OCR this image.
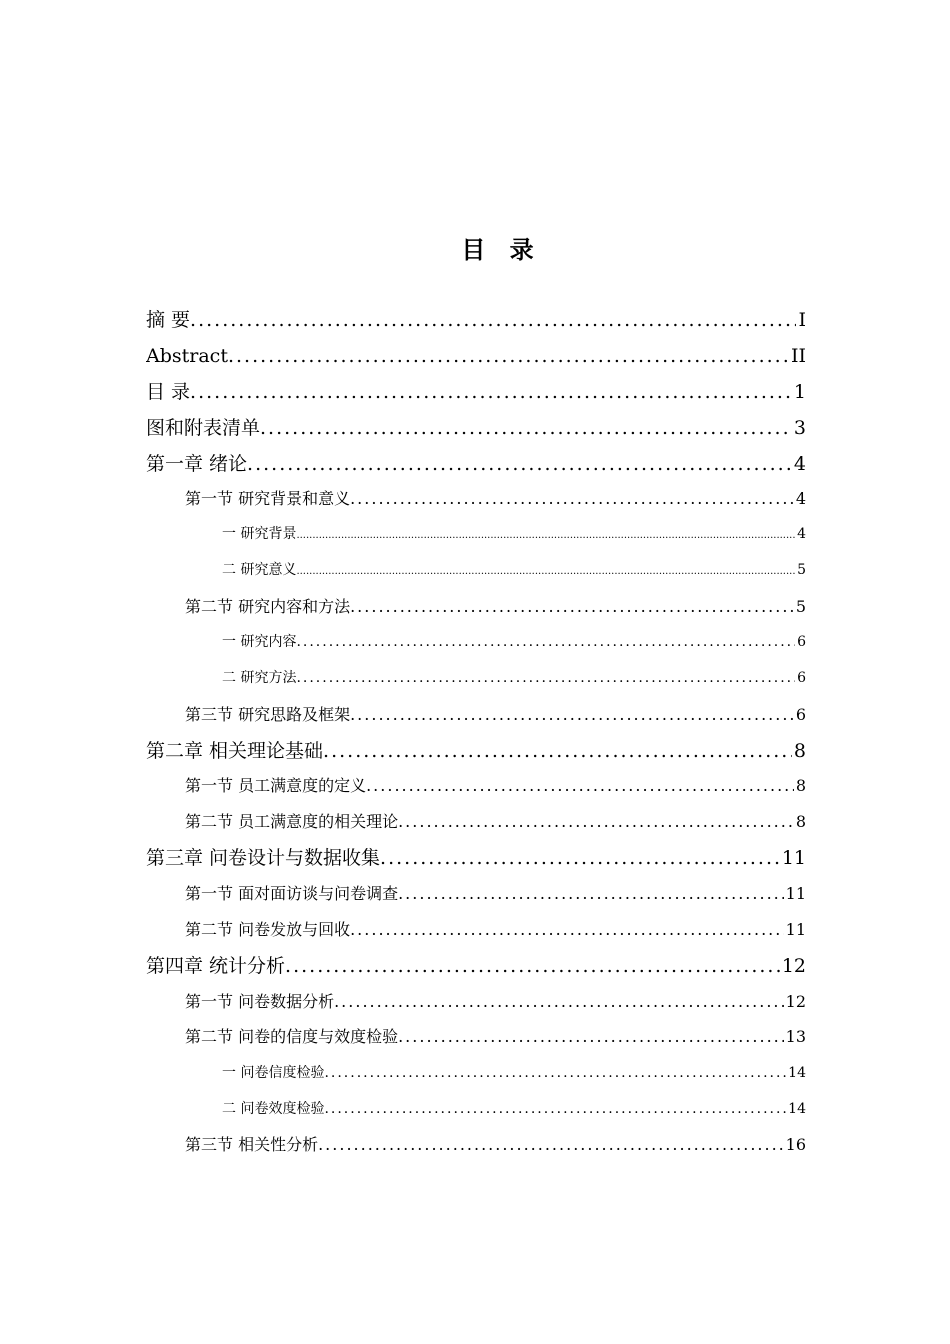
目 录
摘 要 .....	I
Abstract .....	II
目 录 .....	1
图和附表清单 .....	3
第一章 绪论 .....	4
第一节 研究背景和意义 .....	4
一 研究背景 .....	4
二 研究意义 .....	5
第二节 研究内容和方法 .....	5
一 研究内容 .....	6
二 研究方法 .....	6
第三节 研究思路及框架 .....	6
第二章 相关理论基础 .....	8
第一节 员工满意度的定义 .....	8
第二节 员工满意度的相关理论 .....	8
第三章 问卷设计与数据收集 .....	11
第一节 面对面访谈与问卷调查 .....	11
第二节 问卷发放与回收 .....	11
第四章 统计分析 .....	12
第一节 问卷数据分析 .....	12
第二节 问卷的信度与效度检验 .....	13
一 问卷信度检验 .....	14
二 问卷效度检验 .....	14
第三节 相关性分析 .....	16
